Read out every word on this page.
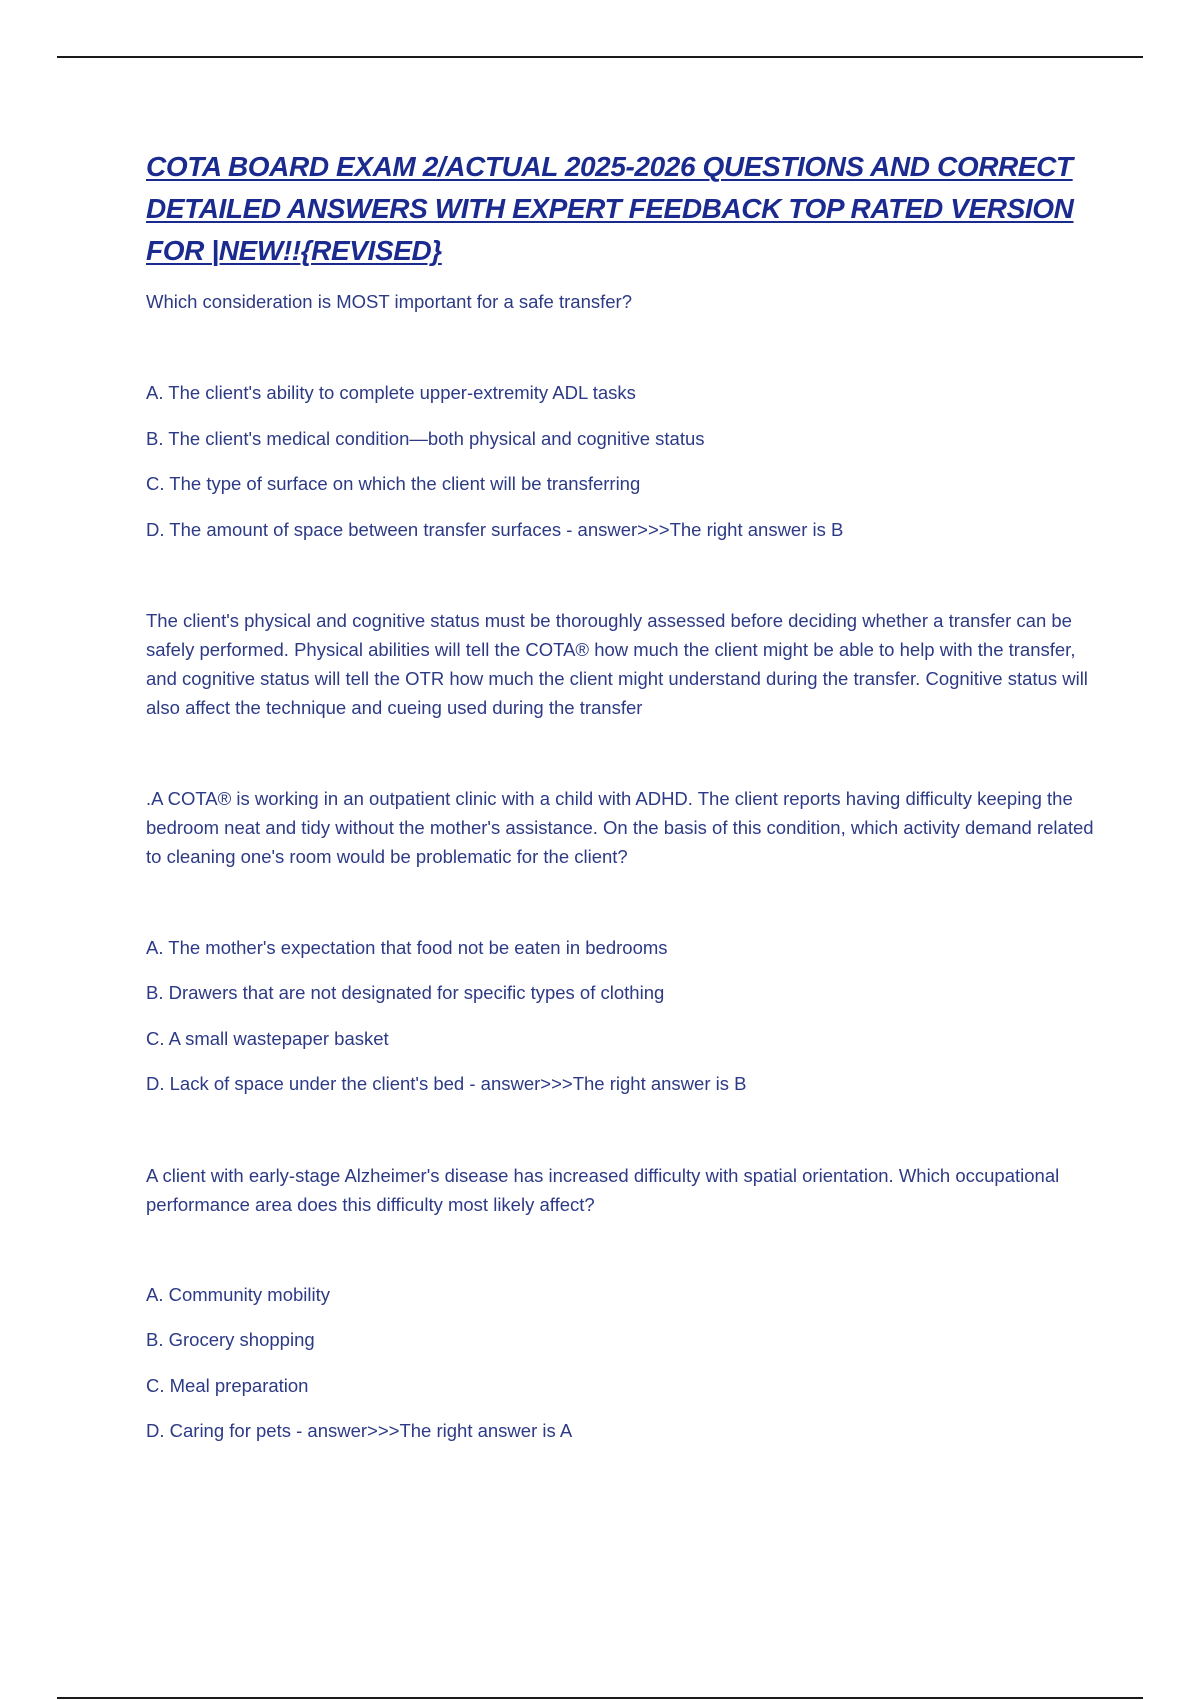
COTA BOARD EXAM 2/ACTUAL 2025-2026 QUESTIONS AND CORRECT DETAILED ANSWERS WITH EXPERT FEEDBACK TOP RATED VERSION FOR |NEW!!{REVISED}

Which consideration is MOST important for a safe transfer?

A. The client's ability to complete upper-extremity ADL tasks

B. The client's medical condition—both physical and cognitive status

C. The type of surface on which the client will be transferring

D. The amount of space between transfer surfaces - answer>>>The right answer is B

The client's physical and cognitive status must be thoroughly assessed before deciding whether a transfer can be safely performed. Physical abilities will tell the COTA® how much the client might be able to help with the transfer, and cognitive status will tell the OTR how much the client might understand during the transfer. Cognitive status will also affect the technique and cueing used during the transfer

.A COTA® is working in an outpatient clinic with a child with ADHD. The client reports having difficulty keeping the bedroom neat and tidy without the mother's assistance. On the basis of this condition, which activity demand related to cleaning one's room would be problematic for the client?

A. The mother's expectation that food not be eaten in bedrooms

B. Drawers that are not designated for specific types of clothing

C. A small wastepaper basket

D. Lack of space under the client's bed - answer>>>The right answer is B

A client with early-stage Alzheimer's disease has increased difficulty with spatial orientation. Which occupational performance area does this difficulty most likely affect?

A. Community mobility

B. Grocery shopping

C. Meal preparation

D. Caring for pets - answer>>>The right answer is A
